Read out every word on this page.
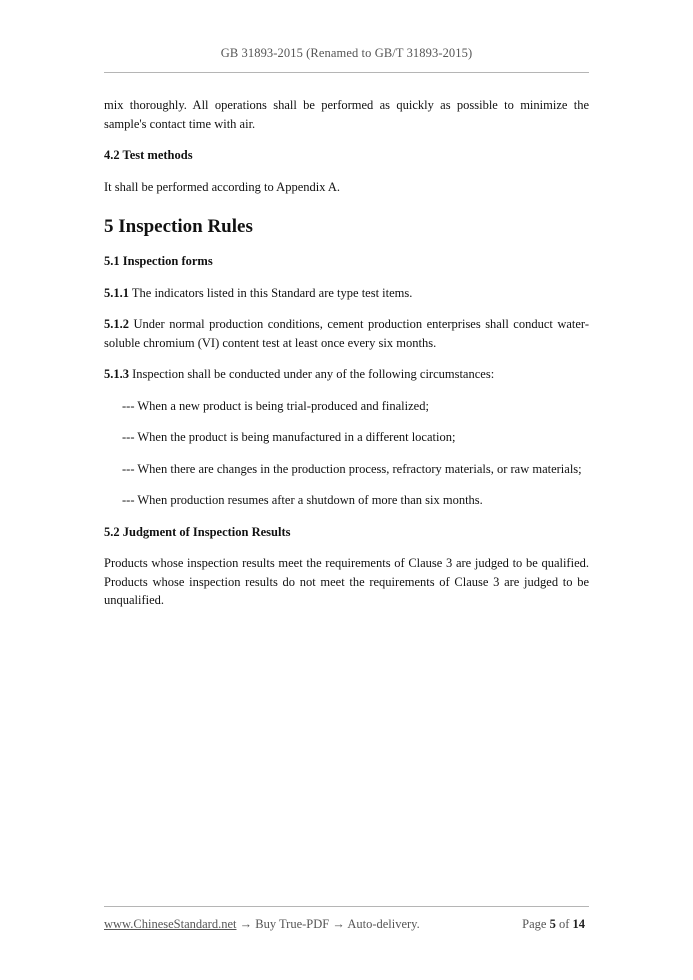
GB 31893-2015 (Renamed to GB/T 31893-2015)

mix thoroughly. All operations shall be performed as quickly as possible to minimize the sample's contact time with air.

4.2 Test methods

It shall be performed according to Appendix A.

5 Inspection Rules

5.1 Inspection forms

5.1.1 The indicators listed in this Standard are type test items.

5.1.2 Under normal production conditions, cement production enterprises shall conduct water-soluble chromium (VI) content test at least once every six months.

5.1.3 Inspection shall be conducted under any of the following circumstances:

--- When a new product is being trial-produced and finalized;

--- When the product is being manufactured in a different location;

--- When there are changes in the production process, refractory materials, or raw materials;

--- When production resumes after a shutdown of more than six months.

5.2 Judgment of Inspection Results

Products whose inspection results meet the requirements of Clause 3 are judged to be qualified. Products whose inspection results do not meet the requirements of Clause 3 are judged to be unqualified.

www.ChineseStandard.net → Buy True-PDF → Auto-delivery.	Page 5 of 14
